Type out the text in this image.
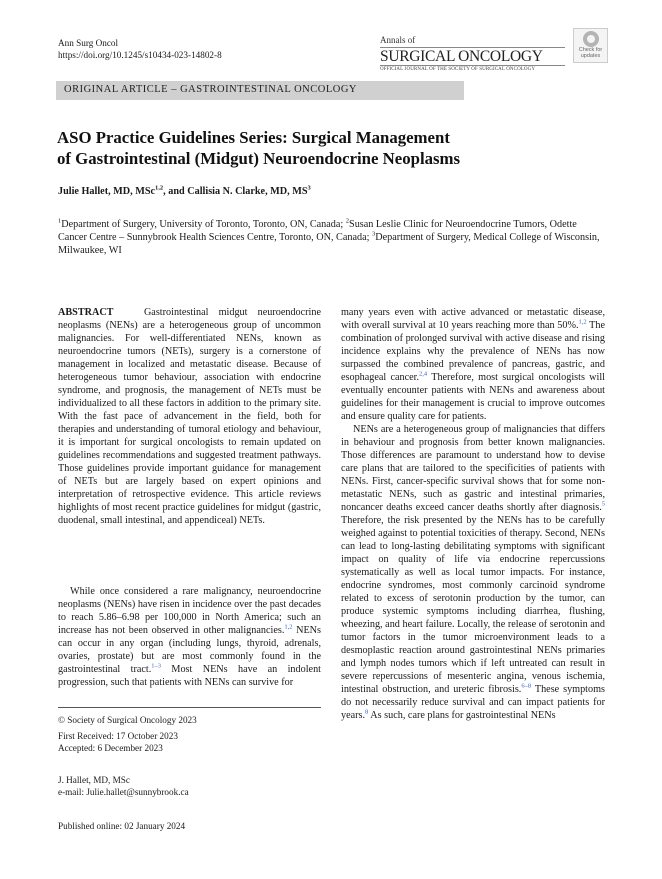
Ann Surg Oncol
https://doi.org/10.1245/s10434-023-14802-8
Annals of
SURGICAL ONCOLOGY
OFFICIAL JOURNAL OF THE SOCIETY OF SURGICAL ONCOLOGY
Check for
updates
ORIGINAL ARTICLE – GASTROINTESTINAL ONCOLOGY
ASO Practice Guidelines Series: Surgical Management
of Gastrointestinal (Midgut) Neuroendocrine Neoplasms
Julie Hallet, MD, MSc$^{1,2}$, and Callisia N. Clarke, MD, $MS^3$
$^1$Department of Surgery, University of Toronto, Toronto, ON, Canada; $^2$Susan Leslie Clinic for Neuroendocrine Tumors, Odette Cancer Centre – Sunnybrook Health Sciences Centre, Toronto, ON, Canada; $^3$Department of Surgery, Medical College of Wisconsin, Milwaukee, WI

ABSTRACT	Gastrointestinal midgut neuroendocrine neoplasms (NENs) are a heterogeneous group of uncommon malignancies. For well-differentiated NENs, known as neuroendocrine tumors (NETs), surgery is a cornerstone of management in localized and metastatic disease. Because of heterogeneous tumor behaviour, association with endocrine syndrome, and prognosis, the management of NETs must be individualized to all these factors in addition to the primary site. With the fast pace of advancement in the field, both for therapies and understanding of tumoral etiology and behaviour, it is important for surgical oncologists to remain updated on guidelines recommendations and suggested treatment pathways. Those guidelines provide important guidance for management of NETs but are largely based on expert opinions and interpretation of retrospective evidence. This article reviews highlights of most recent practice guidelines for midgut (gastric, duodenal, small intestinal, and appendiceal) NETs.

While once considered a rare malignancy, neuroendocrine neoplasms (NENs) have risen in incidence over the past decades to reach 5.86–6.98 per 100,000 in North America; such an increase has not been observed in other malignancies.$^{1,2}$ NENs can occur in any organ (including lungs, thyroid, adrenals, ovaries, prostate) but are most commonly found in the gastrointestinal tract.$^{1-3}$ Most NENs have an indolent progression, such that patients with NENs can survive for

© Society of Surgical Oncology 2023
First Received: 17 October 2023
Accepted: 6 December 2023
J. Hallet, MD, MSc
e-mail: Julie.hallet@sunnybrook.ca
Published online: 02 January 2024

many years even with active advanced or metastatic disease, with overall survival at 10 years reaching more than 50%.$^{1,2}$ The combination of prolonged survival with active disease and rising incidence explains why the prevalence of NENs has now surpassed the combined prevalence of pancreas, gastric, and esophageal cancer.$^{2,4}$ Therefore, most surgical oncologists will eventually encounter patients with NENs and awareness about guidelines for their management is crucial to improve outcomes and ensure quality care for patients.

NENs are a heterogeneous group of malignancies that differs in behaviour and prognosis from better known malignancies. Those differences are paramount to understand how to devise care plans that are tailored to the specificities of patients with NENs. First, cancer-specific survival shows that for some non-metastatic NENs, such as gastric and intestinal primaries, noncancer deaths exceed cancer deaths shortly after diagnosis.$^5$ Therefore, the risk presented by the NENs has to be carefully weighed against to potential toxicities of therapy. Second, NENs can lead to long-lasting debilitating symptoms with significant impact on quality of life via endocrine repercussions systematically as well as local tumor impacts. For instance, endocrine syndromes, most commonly carcinoid syndrome related to excess of serotonin production by the tumor, can produce systemic symptoms including diarrhea, flushing, wheezing, and heart failure. Locally, the release of serotonin and tumor factors in the tumor microenvironment leads to a desmoplastic reaction around gastrointestinal NENs primaries and lymph nodes tumors which if left untreated can result in severe repercussions of mesenteric angina, venous ischemia, intestinal obstruction, and ureteric fibrosis.$^{6-8}$ These symptoms do not necessarily reduce survival and can impact patients for years.$^8$ As such, care plans for gastrointestinal NENs
